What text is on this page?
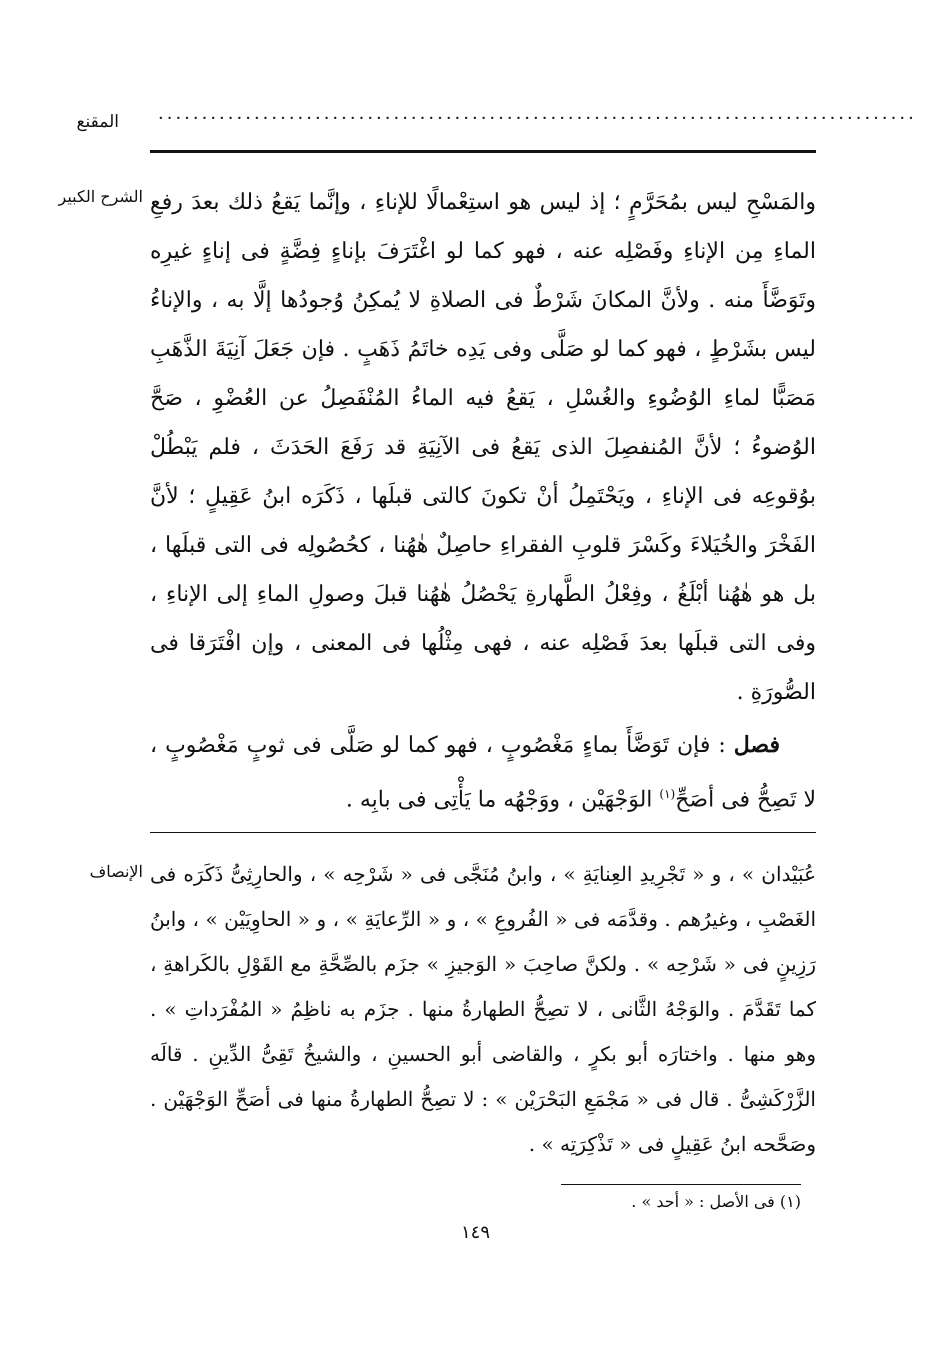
المقنع ·······················································································
الشرح الكبير والمَسْحِ ليس بمُحَرَّمٍ ؛ إذ ليس هو استِعْمالًا للإناءِ ، وإنَّما يَقعُ ذلك بعدَ رفعِ الماءِ مِن الإناءِ وفَصْلِه عنه ، فهو كما لو اغْتَرَفَ بإناءٍ فِضَّةٍ فى إناءٍ غيرِه وتَوَضَّأَ منه . ولأنَّ المكانَ شَرْطٌ فى الصلاةِ لا يُمكِنُ وُجودُها إلَّا به ، والإناءُ ليس بشَرْطٍ ، فهو كما لو صَلَّى وفى يَدِه خاتَمُ ذَهَبٍ . فإن جَعَلَ آنِيَةَ الذَّهَبِ مَصَبًّا لماءِ الوُضُوءِ والغُسْلِ ، يَقعُ فيه الماءُ المُنْفَصِلُ عن العُضْوِ ، صَحَّ الوُضوءُ ؛ لأنَّ المُنفصِلَ الذى يَقعُ فى الآنِيَةِ قد رَفَعَ الحَدَثَ ، فلم يَبْطُلْ بوُقوعِه فى الإناءِ ، ويَحْتَمِلُ أنْ تكونَ كالتى قبلَها ، ذَكَرَه ابنُ عَقِيلٍ ؛ لأنَّ الفَخْرَ والخُيَلاءَ وكَسْرَ قلوبِ الفقراءِ حاصِلٌ هٰهُنا ، كحُصُولِه فى التى قبلَها ، بل هو هٰهُنا أبْلَغُ ، وفِعْلُ الطَّهارةِ يَحْصُلُ هٰهُنا قبلَ وصولِ الماءِ إلى الإناءِ ، وفى التى قبلَها بعدَ فَصْلِه عنه ، فهى مِثْلُها فى المعنى ، وإن افْتَرَقا فى الصُّورَةِ .

فصل : فإن تَوَضَّأَ بماءٍ مَغْصُوبٍ ، فهو كما لو صَلَّى فى ثوبٍ مَغْصُوبٍ ، لا تَصِحُّ فى أصَحِّ$^{(١)}$ الوَجْهَيْن ، ووَجْهُه ما يَأْتِى فى بابِه .

الإنصاف عُبَيْدان » ، و « تَجْرِيدِ العِنايَةِ » ، وابنُ مُنَجَّى فى « شَرْحِه » ، والحارِثِىُّ ذَكَرَه فى الغَصْبِ ، وغيرُهم . وقدَّمَه فى « الفُروعِ » ، و « الرِّعايَةِ » ، و « الحاوِيَيْن » ، وابنُ رَزِينٍ فى « شَرْحِه » . ولكنَّ صاحِبَ « الوَجيزِ » جزَم بالصِّحَّةِ مع القَوْلِ بالكَراهةِ ، كما تَقَدَّمَ . والوَجْهُ الثَّانى ، لا تصِحُّ الطهارةُ منها . جزَم به ناظِمُ « المُفْرَداتِ » . وهو منها . واختارَه أبو بكرٍ ، والقاضى أبو الحسينِ ، والشيخُ تَقِىُّ الدِّينِ . قالَه الزَّرْكَشِىُّ . قال فى « مَجْمَعِ البَحْرَيْن » : لا تصِحُّ الطهارةُ منها فى أصَحِّ الوَجْهَيْن . وصَحَّحه ابنُ عَقِيلٍ فى « تَذْكِرَتِه » .

(١) فى الأصل : « أحد » .
١٤٩
